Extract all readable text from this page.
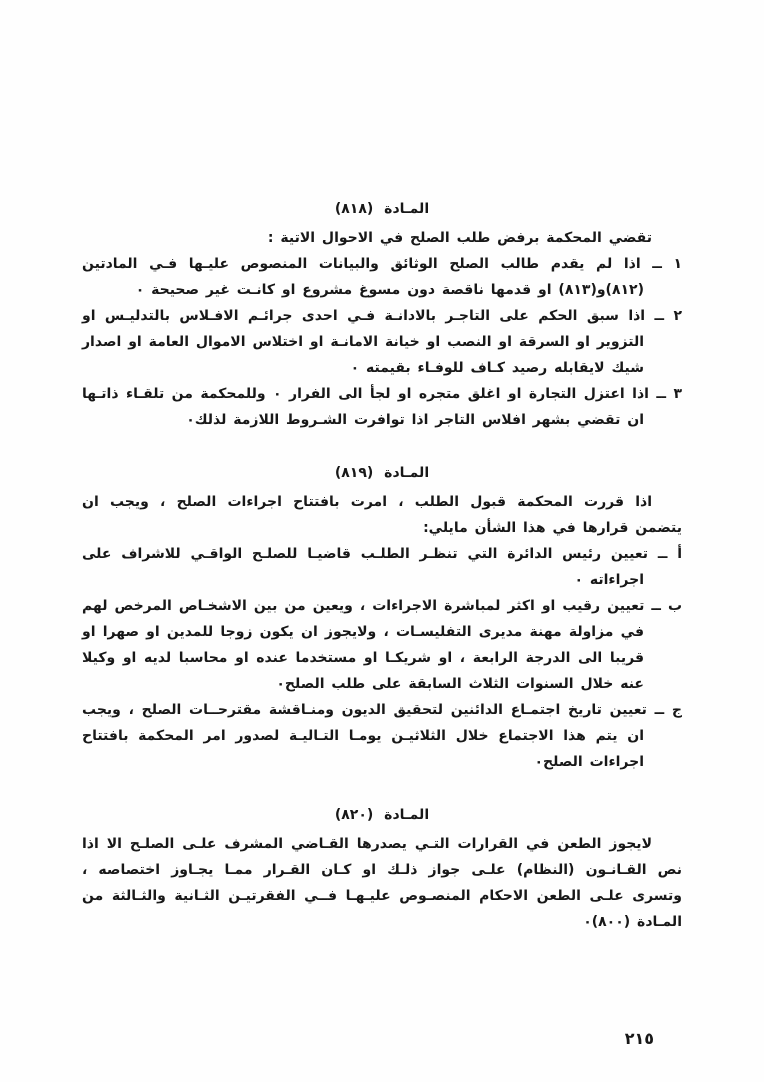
المـادة (٨١٨)

تقضي المحكمة برفض طلب الصلح في الاحوال الاتية :

١ ــ اذا لم يقدم طالب الصلح الوثائق والبيانات المنصوص عليـها فـي المادتين (٨١٢)و(٨١٣) او قدمها ناقصة دون مسوغ مشروع او كانـت غير صحيحة ٠

٢ ــ اذا سبق الحكم على التاجـر بالادانـة فـي احدى جرائـم الافـلاس بالتدليـس او التزوير او السرقة او النصب او خيانة الامانـة او اختلاس الاموال العامة او اصدار شيك لايقابله رصيد كـاف للوفـاء بقيمته ٠

٣ ــ اذا اعتزل التجارة او اغلق متجره او لجأ الى الفرار ٠ وللمحكمة من تلقـاء ذاتـها ان تقضي بشهر افلاس التاجر اذا توافرت الشـروط اللازمة لذلك٠

المـادة (٨١٩)

اذا قررت المحكمة قبول الطلب ، امرت بافتتاح اجراءات الصلح ، ويجب ان يتضمن قرارها في هذا الشأن مايلي:

أ ــ تعيين رئيس الدائرة التي تنظـر الطلـب قاضيـا للصلـح الواقـي للاشراف على اجراءاته ٠

ب ــ تعيين رقيب او اكثر لمباشرة الاجراءات ، ويعين من بين الاشخـاص المرخص لهم في مزاولة مهنة مديرى التفليسـات ، ولايجوز ان يكون زوجا للمدين او صهرا او قريبا الى الدرجة الرابعة ، او شريكـا او مستخدما عنده او محاسبا لديه او وكيلا عنه خلال السنوات الثلاث السابقة على طلب الصلح٠

ج ــ تعيين تاريخ اجتمـاع الدائنين لتحقيق الديون ومنـاقشة مقترحــات الصلح ، ويجب ان يتم هذا الاجتماع خلال الثلاثيـن يومـا التـاليـة لصدور امر المحكمة بافتتاح اجراءات الصلح٠

المـادة (٨٢٠)

لايجوز الطعن في القرارات التـي يصدرها القـاضي المشرف علـى الصلـح الا اذا نص القـانـون (النظام) علـى جواز ذلـك او كـان القـرار ممـا يجـاوز اختصاصه ، وتسرى علـى الطعن الاحكام المنصـوص عليـهـا فــي الفقرتيـن الثـانية والثـالثة من المـادة (٨٠٠)٠

٢١٥
